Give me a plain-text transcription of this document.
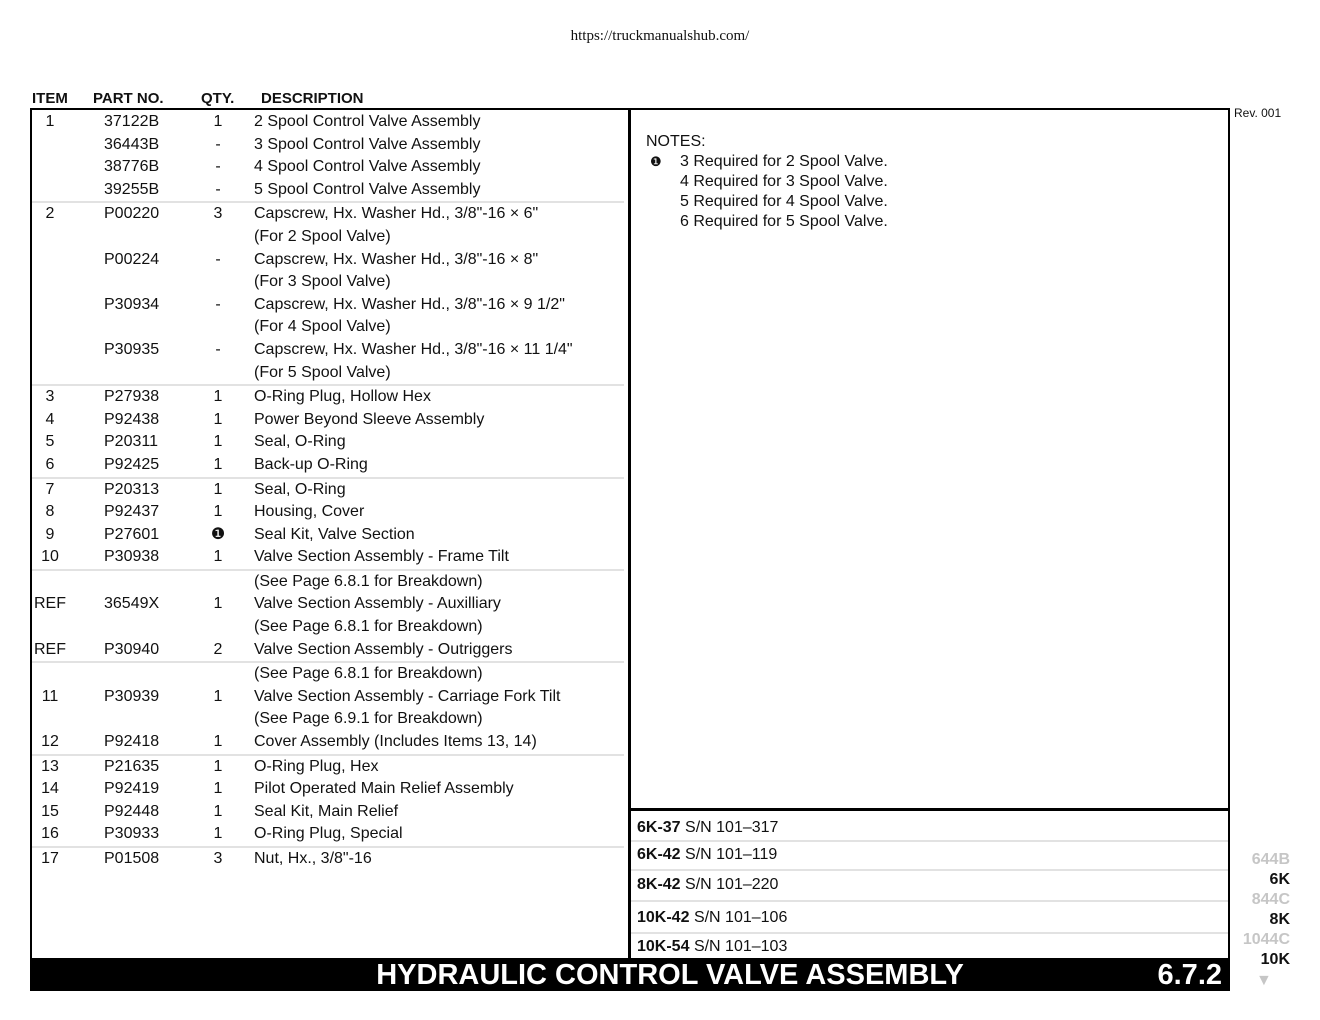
https://truckmanualshub.com/
ITEM PART NO. QTY. DESCRIPTION
1	37122B	1	2 Spool Control Valve Assembly
36443B	-	3 Spool Control Valve Assembly
38776B	-	4 Spool Control Valve Assembly
39255B	-	5 Spool Control Valve Assembly
2	P00220	3	Capscrew, Hx. Washer Hd., 3/8"-16 × 6"
(For 2 Spool Valve)
P00224	-	Capscrew, Hx. Washer Hd., 3/8"-16 × 8"
(For 3 Spool Valve)
P30934	-	Capscrew, Hx. Washer Hd., 3/8"-16 × 9 1/2"
(For 4 Spool Valve)
P30935	-	Capscrew, Hx. Washer Hd., 3/8"-16 × 11 1/4"
(For 5 Spool Valve)
3	P27938	1	O-Ring Plug, Hollow Hex
4	P92438	1	Power Beyond Sleeve Assembly
5	P20311	1	Seal, O-Ring
6	P92425	1	Back-up O-Ring
7	P20313	1	Seal, O-Ring
8	P92437	1	Housing, Cover
9	P27601	❶ Seal Kit, Valve Section
10	P30938	1	Valve Section Assembly - Frame Tilt
(See Page 6.8.1 for Breakdown)
REF 36549X	1	Valve Section Assembly - Auxilliary
(See Page 6.8.1 for Breakdown)
REF P30940	2	Valve Section Assembly - Outriggers
(See Page 6.8.1 for Breakdown)
11	P30939	1	Valve Section Assembly - Carriage Fork Tilt
(See Page 6.9.1 for Breakdown)
12	P92418	1	Cover Assembly (Includes Items 13, 14)
13	P21635	1	O-Ring Plug, Hex
14	P92419	1	Pilot Operated Main Relief Assembly
15	P92448	1	Seal Kit, Main Relief
16	P30933	1	O-Ring Plug, Special
17	P01508	3	Nut, Hx., 3/8"-16
NOTES:
❶ 3 Required for 2 Spool Valve.
4 Required for 3 Spool Valve.
5 Required for 4 Spool Valve.
6 Required for 5 Spool Valve.
6K-37 S/N 101–317
6K-42 S/N 101–119
8K-42 S/N 101–220
10K-42 S/N 101–106
10K-54 S/N 101–103
HYDRAULIC CONTROL VALVE ASSEMBLY	6.7.2
Rev. 001
644B
6K
844C
8K
1044C
10K
▼
